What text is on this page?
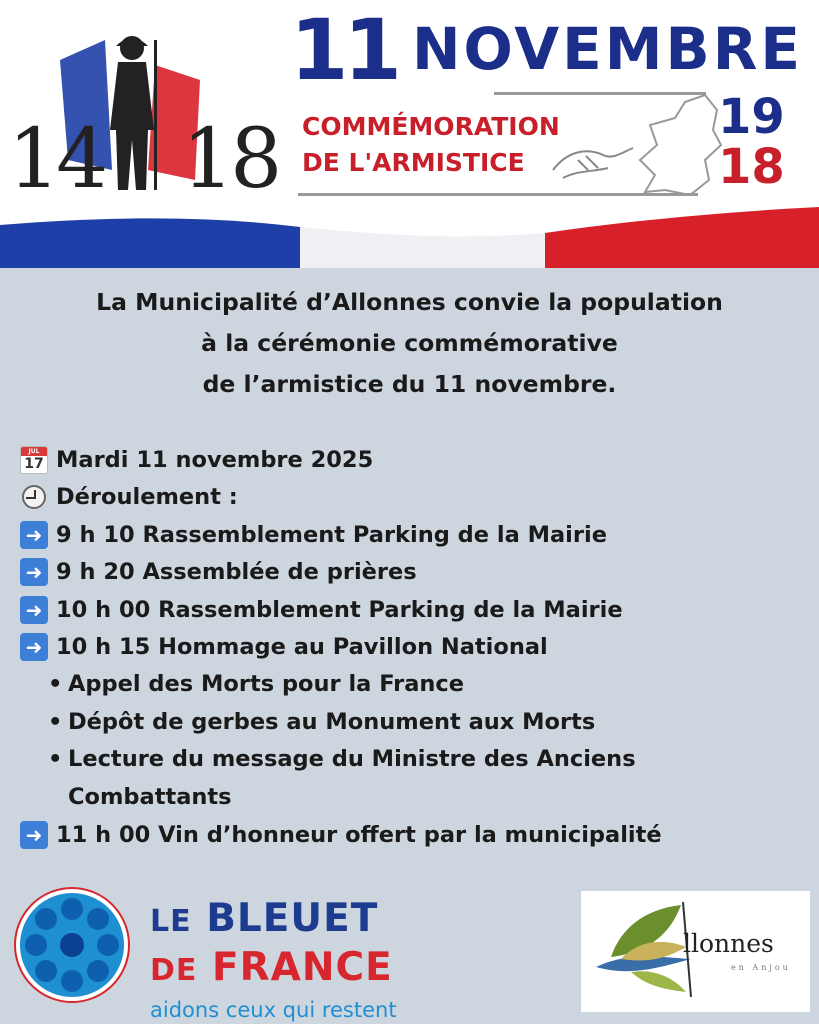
14 18
11 NOVEMBRE
COMMÉMORATION
DE L'ARMISTICE
19
18
La Municipalité d’Allonnes convie la population
à la cérémonie commémorative
de l’armistice du 11 novembre.
JUL
17 Mardi 11 novembre 2025
Déroulement :
➜ 9 h 10 Rassemblement Parking de la Mairie
➜ 9 h 20 Assemblée de prières
➜ 10 h 00 Rassemblement Parking de la Mairie
➜ 10 h 15 Hommage au Pavillon National
• Appel des Morts pour la France
• Dépôt de gerbes au Monument aux Morts
• Lecture du message du Ministre des Anciens Combattants
➜ 11 h 00 Vin d’honneur offert par la municipalité
LE BLEUET
DE FRANCE
aidons ceux qui restent
llonnes
en Anjou
